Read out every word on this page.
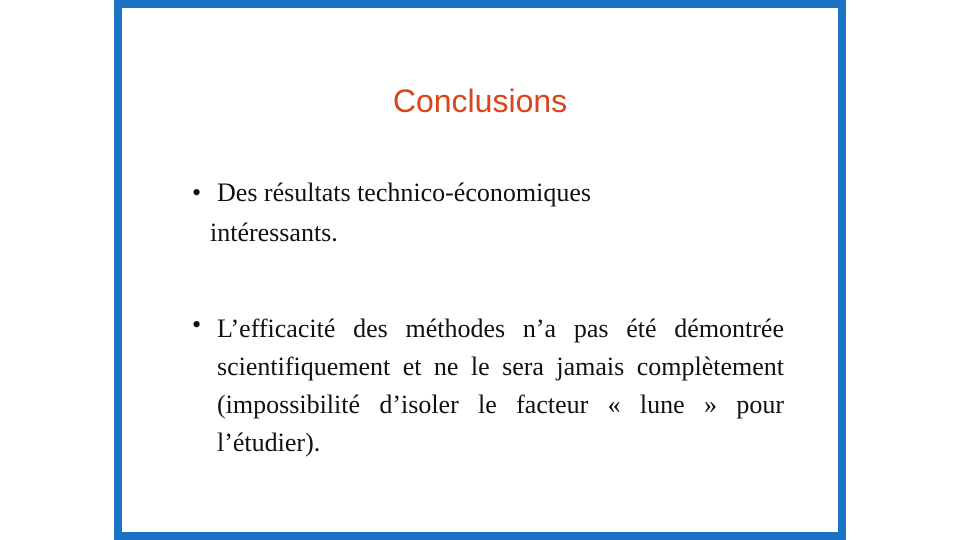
Conclusions
• Des résultats technico-économiques
intéressants.
• L’efficacité des méthodes n’a pas été démontrée scientifiquement et ne le sera jamais complètement (impossibilité d’isoler le facteur « lune » pour l’étudier).
